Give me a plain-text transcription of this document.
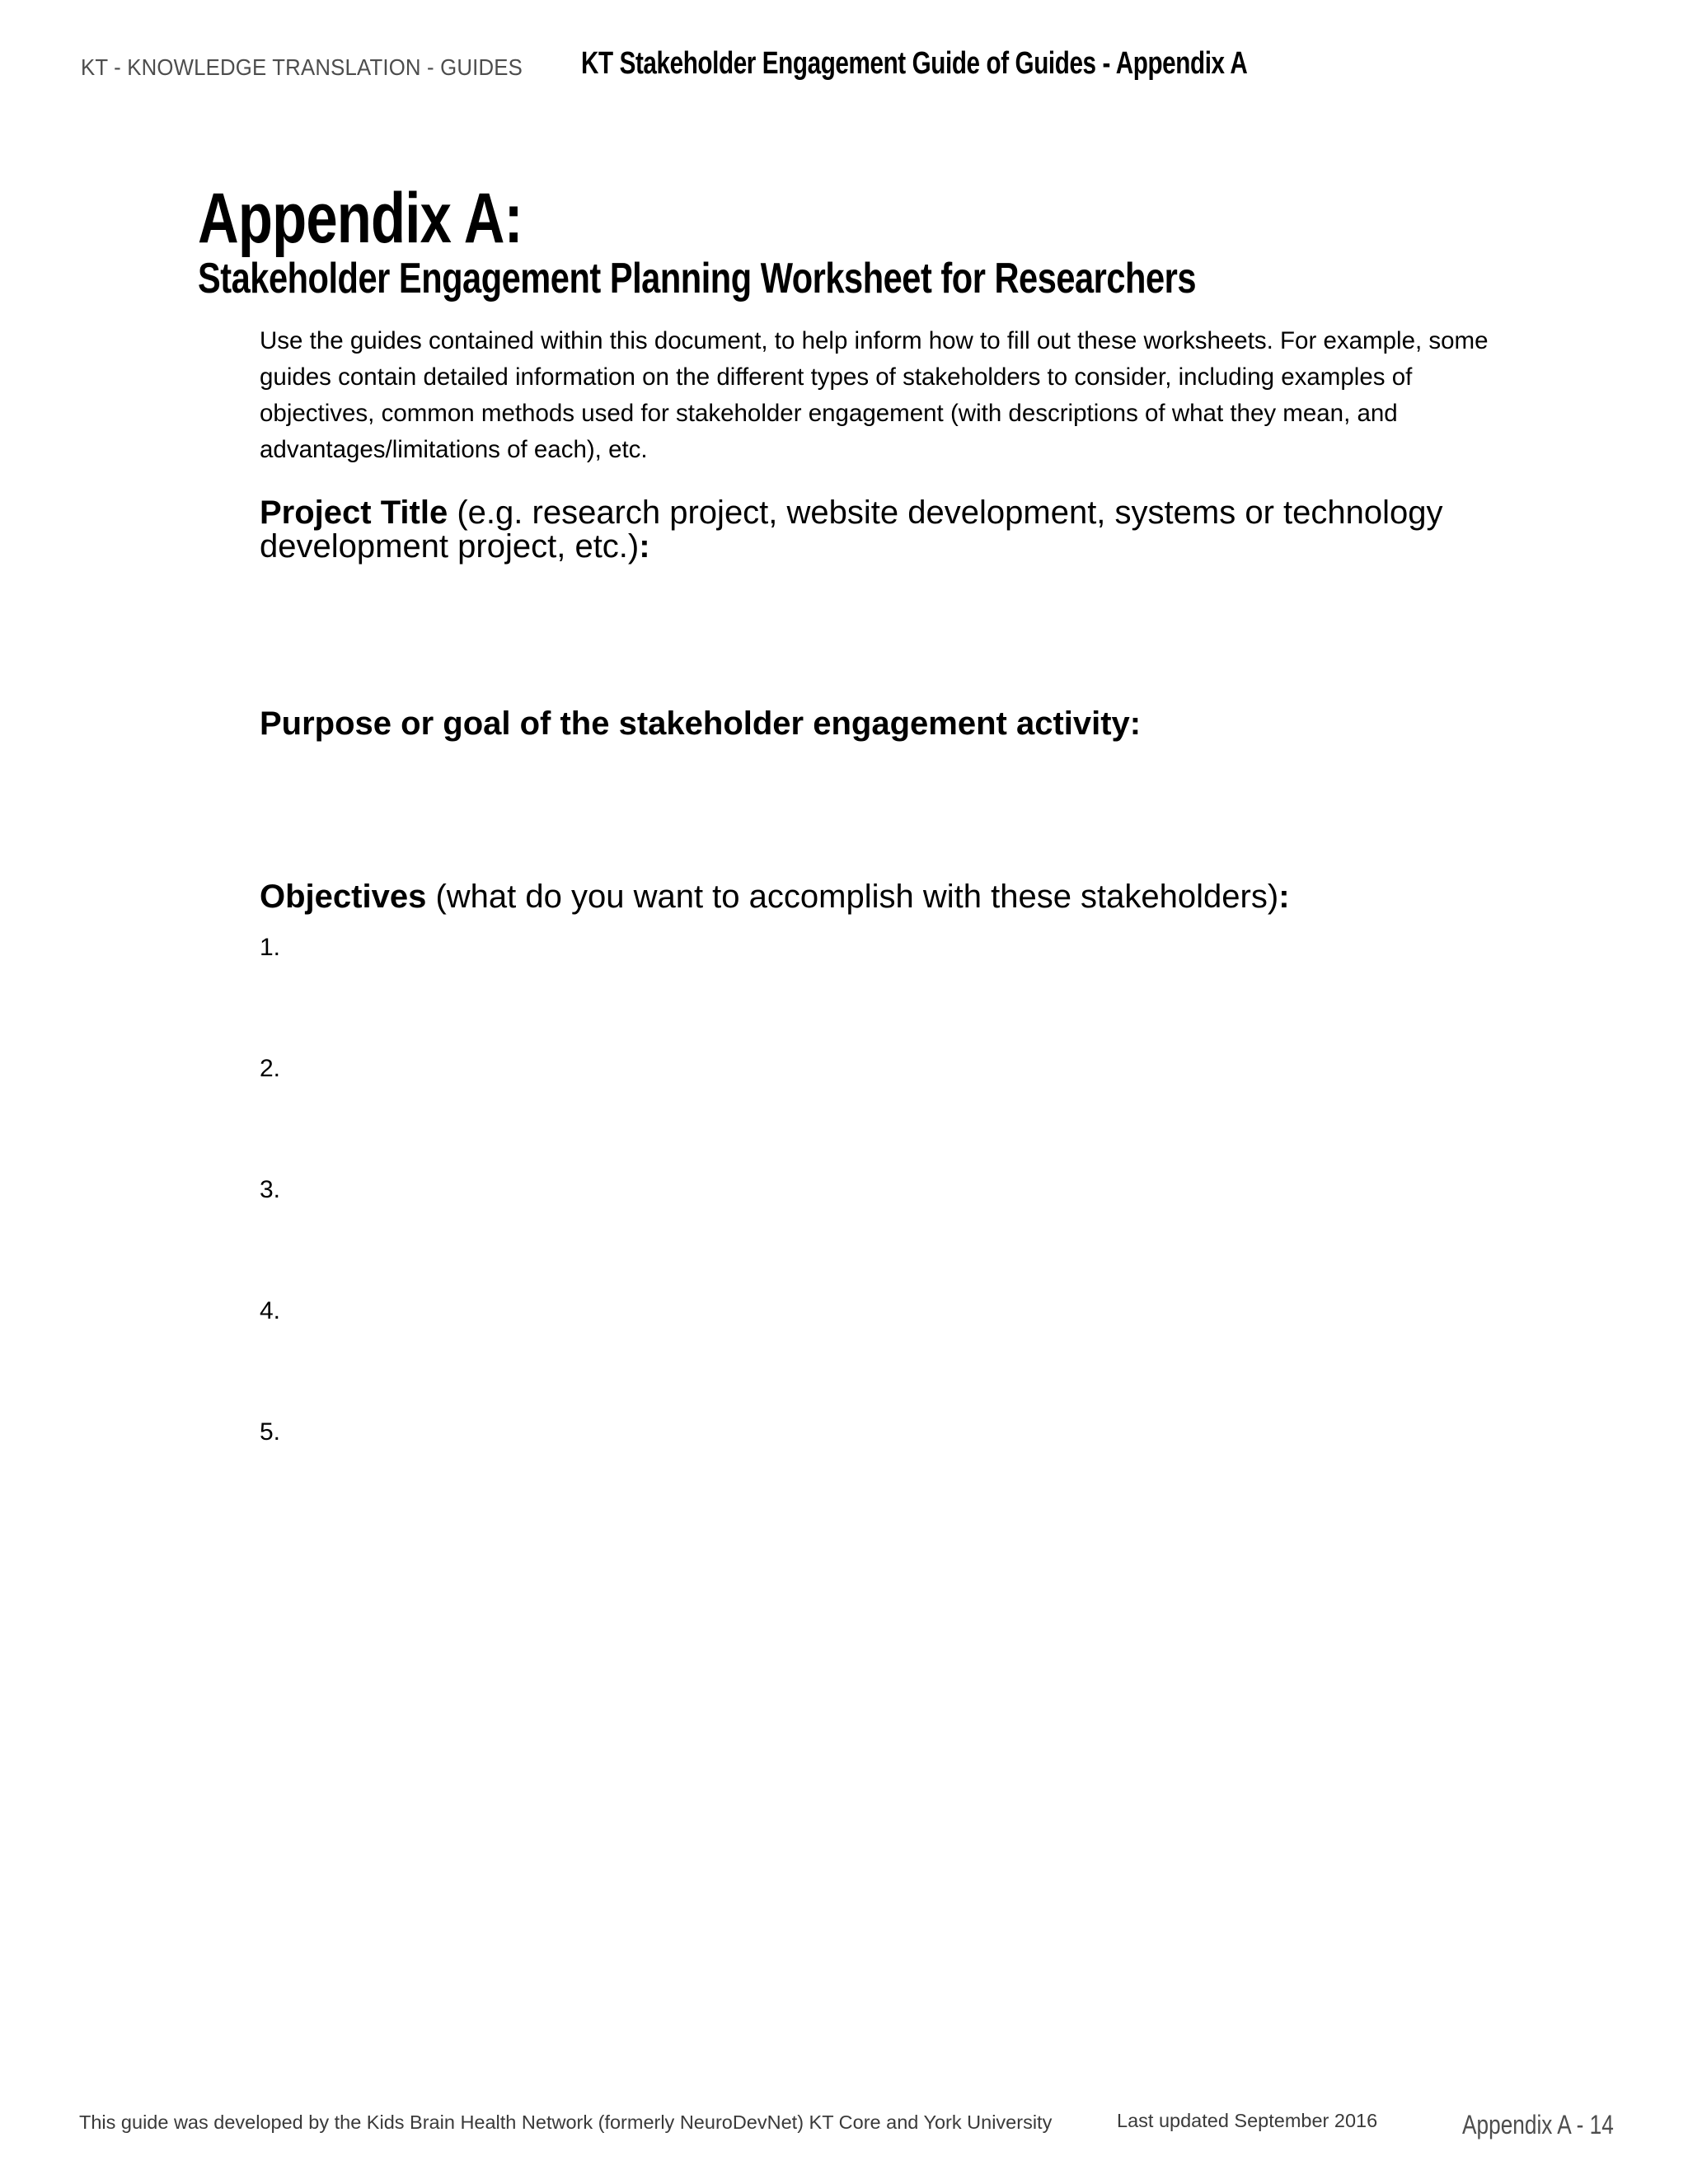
KT - KNOWLEDGE TRANSLATION - GUIDES KT Stakeholder Engagement Guide of Guides - Appendix A
Appendix A:
Stakeholder Engagement Planning Worksheet for Researchers
Use the guides contained within this document, to help inform how to fill out these worksheets. For example, some guides contain detailed information on the different types of stakeholders to consider, including examples of objectives, common methods used for stakeholder engagement (with descriptions of what they mean, and advantages/limitations of each), etc.
Project Title (e.g. research project, website development, systems or technology development project, etc.):
Purpose or goal of the stakeholder engagement activity:
Objectives (what do you want to accomplish with these stakeholders):
1.
2.
3.
4.
5.
This guide was developed by the Kids Brain Health Network (formerly NeuroDevNet) KT Core and York University	Last updated September 2016	Appendix A - 14
